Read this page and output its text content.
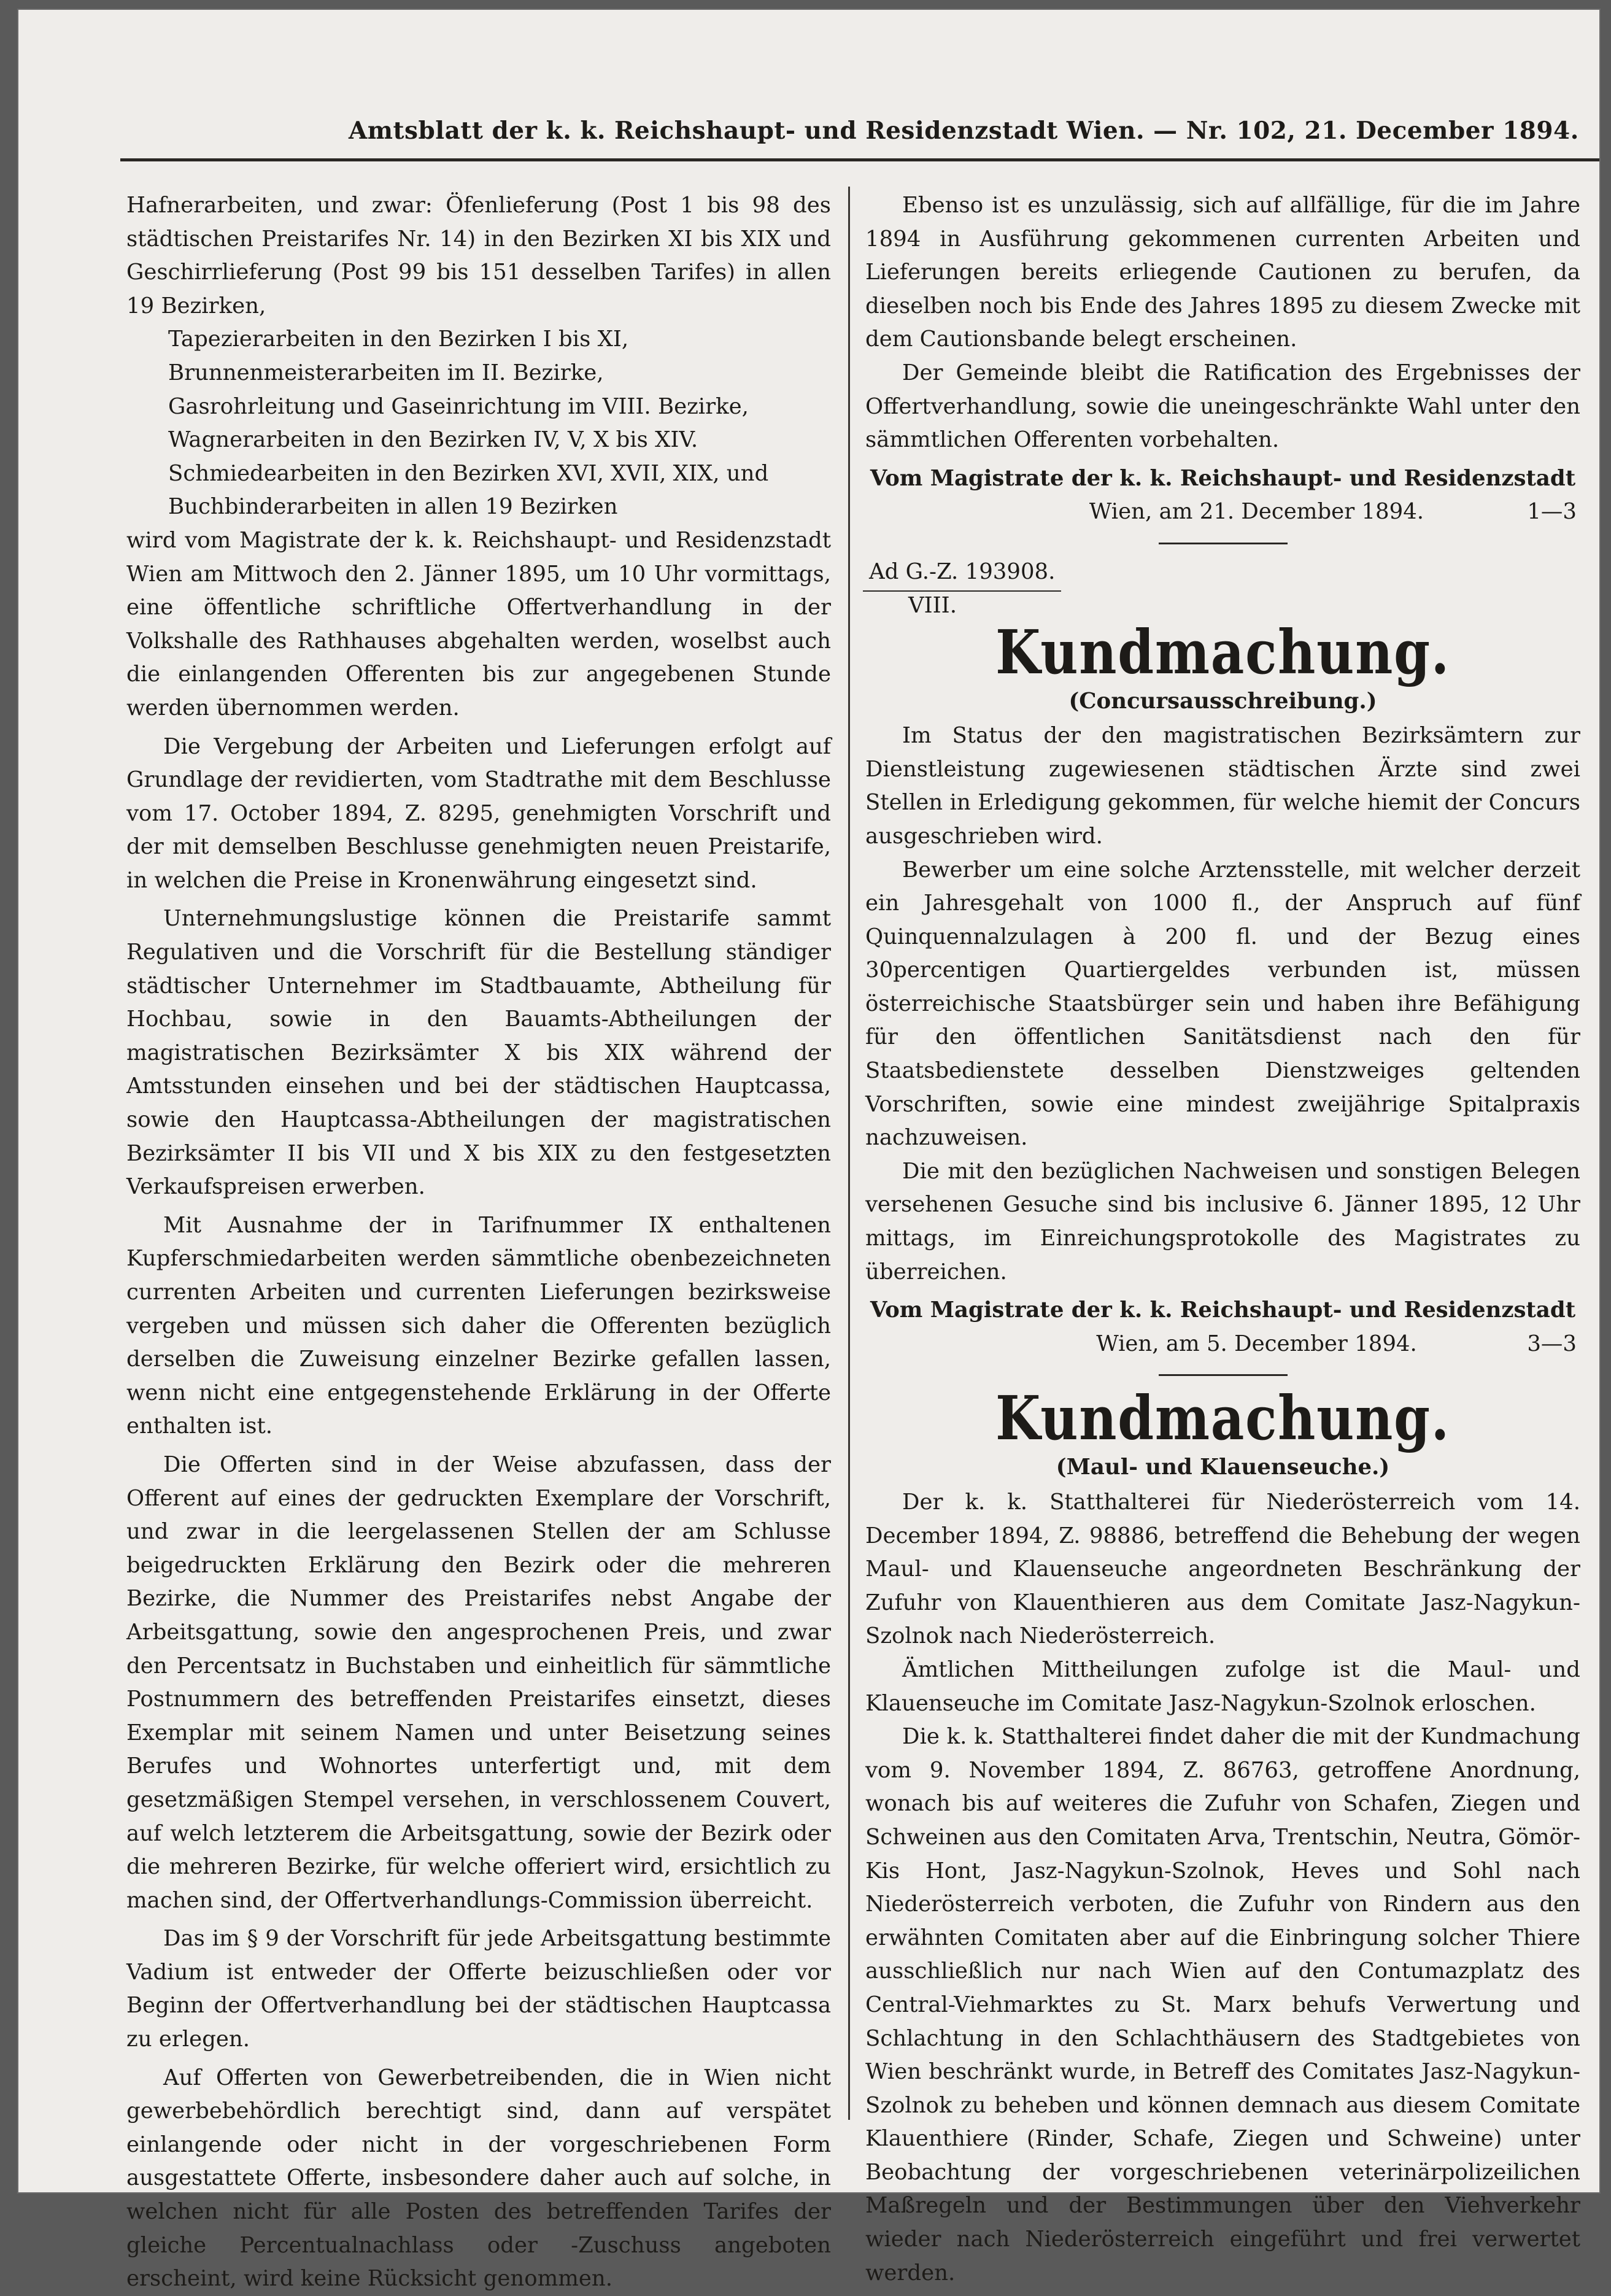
Amtsblatt der k. k. Reichshaupt- und Residenzstadt Wien. — Nr. 102, 21. December 1894.

Hafnerarbeiten, und zwar: Öfenlieferung (Post 1 bis 98 des städtischen Preistarifes Nr. 14) in den Bezirken XI bis XIX und Geschirrlieferung (Post 99 bis 151 desselben Tarifes) in allen 19 Bezirken,

Tapezierarbeiten in den Bezirken I bis XI,

Brunnenmeisterarbeiten im II. Bezirke,

Gasrohrleitung und Gaseinrichtung im VIII. Bezirke,

Wagnerarbeiten in den Bezirken IV, V, X bis XIV.

Schmiedearbeiten in den Bezirken XVI, XVII, XIX, und

Buchbinderarbeiten in allen 19 Bezirken

wird vom Magistrate der k. k. Reichshaupt- und Residenzstadt Wien am Mittwoch den 2. Jänner 1895, um 10 Uhr vormittags, eine öffentliche schriftliche Offertverhandlung in der Volkshalle des Rathhauses abgehalten werden, woselbst auch die einlangenden Offerenten bis zur angegebenen Stunde werden übernommen werden.

Die Vergebung der Arbeiten und Lieferungen erfolgt auf Grundlage der revidierten, vom Stadtrathe mit dem Beschlusse vom 17. October 1894, Z. 8295, genehmigten Vorschrift und der mit demselben Beschlusse genehmigten neuen Preistarife, in welchen die Preise in Kronenwährung eingesetzt sind.

Unternehmungslustige können die Preistarife sammt Regulativen und die Vorschrift für die Bestellung ständiger städtischer Unternehmer im Stadtbauamte, Abtheilung für Hochbau, sowie in den Bauamts-Abtheilungen der magistratischen Bezirksämter X bis XIX während der Amtsstunden einsehen und bei der städtischen Hauptcassa, sowie den Hauptcassa-Abtheilungen der magistratischen Bezirksämter II bis VII und X bis XIX zu den festgesetzten Verkaufspreisen erwerben.

Mit Ausnahme der in Tarifnummer IX enthaltenen Kupferschmiedarbeiten werden sämmtliche obenbezeichneten currenten Arbeiten und currenten Lieferungen bezirksweise vergeben und müssen sich daher die Offerenten bezüglich derselben die Zuweisung einzelner Bezirke gefallen lassen, wenn nicht eine entgegenstehende Erklärung in der Offerte enthalten ist.

Die Offerten sind in der Weise abzufassen, dass der Offerent auf eines der gedruckten Exemplare der Vorschrift, und zwar in die leergelassenen Stellen der am Schlusse beigedruckten Erklärung den Bezirk oder die mehreren Bezirke, die Nummer des Preistarifes nebst Angabe der Arbeitsgattung, sowie den angesprochenen Preis, und zwar den Percentsatz in Buchstaben und einheitlich für sämmtliche Postnummern des betreffenden Preistarifes einsetzt, dieses Exemplar mit seinem Namen und unter Beisetzung seines Berufes und Wohnortes unterfertigt und, mit dem gesetzmäßigen Stempel versehen, in verschlossenem Couvert, auf welch letzterem die Arbeitsgattung, sowie der Bezirk oder die mehreren Bezirke, für welche offeriert wird, ersichtlich zu machen sind, der Offertverhandlungs-Commission überreicht.

Das im § 9 der Vorschrift für jede Arbeitsgattung bestimmte Vadium ist entweder der Offerte beizuschließen oder vor Beginn der Offertverhandlung bei der städtischen Hauptcassa zu erlegen.

Auf Offerten von Gewerbetreibenden, die in Wien nicht gewerbebehördlich berechtigt sind, dann auf verspätet einlangende oder nicht in der vorgeschriebenen Form ausgestattete Offerte, insbesondere daher auch auf solche, in welchen nicht für alle Posten des betreffenden Tarifes der gleiche Percentualnachlass oder -Zuschuss angeboten erscheint, wird keine Rücksicht genommen.

Ebenso ist es unzulässig, sich auf allfällige, für die im Jahre 1894 in Ausführung gekommenen currenten Arbeiten und Lieferungen bereits erliegende Cautionen zu berufen, da dieselben noch bis Ende des Jahres 1895 zu diesem Zwecke mit dem Cautionsbande belegt erscheinen.

Der Gemeinde bleibt die Ratification des Ergebnisses der Offertverhandlung, sowie die uneingeschränkte Wahl unter den sämmtlichen Offerenten vorbehalten.

Vom Magistrate der k. k. Reichshaupt- und Residenzstadt
Wien, am 21. December 1894.	1—3
Ad G.-Z. 193908.
VIII.
Kundmachung.
(Concursausschreibung.)

Im Status der den magistratischen Bezirksämtern zur Dienstleistung zugewiesenen städtischen Ärzte sind zwei Stellen in Erledigung gekommen, für welche hiemit der Concurs ausgeschrieben wird.

Bewerber um eine solche Arztensstelle, mit welcher derzeit ein Jahresgehalt von 1000 fl., der Anspruch auf fünf Quinquennalzulagen à 200 fl. und der Bezug eines 30percentigen Quartiergeldes verbunden ist, müssen österreichische Staatsbürger sein und haben ihre Befähigung für den öffentlichen Sanitätsdienst nach den für Staatsbedienstete desselben Dienstzweiges geltenden Vorschriften, sowie eine mindest zweijährige Spitalpraxis nachzuweisen.

Die mit den bezüglichen Nachweisen und sonstigen Belegen versehenen Gesuche sind bis inclusive 6. Jänner 1895, 12 Uhr mittags, im Einreichungsprotokolle des Magistrates zu überreichen.

Vom Magistrate der k. k. Reichshaupt- und Residenzstadt
Wien, am 5. December 1894.	3—3
Kundmachung.
(Maul- und Klauenseuche.)

Der k. k. Statthalterei für Niederösterreich vom 14. December 1894, Z. 98886, betreffend die Behebung der wegen Maul- und Klauenseuche angeordneten Beschränkung der Zufuhr von Klauenthieren aus dem Comitate Jasz-Nagykun-Szolnok nach Niederösterreich.

Ämtlichen Mittheilungen zufolge ist die Maul- und Klauenseuche im Comitate Jasz-Nagykun-Szolnok erloschen.

Die k. k. Statthalterei findet daher die mit der Kundmachung vom 9. November 1894, Z. 86763, getroffene Anordnung, wonach bis auf weiteres die Zufuhr von Schafen, Ziegen und Schweinen aus den Comitaten Arva, Trentschin, Neutra, Gömör-Kis Hont, Jasz-Nagykun-Szolnok, Heves und Sohl nach Niederösterreich verboten, die Zufuhr von Rindern aus den erwähnten Comitaten aber auf die Einbringung solcher Thiere ausschließlich nur nach Wien auf den Contumazplatz des Central-Viehmarktes zu St. Marx behufs Verwertung und Schlachtung in den Schlachthäusern des Stadtgebietes von Wien beschränkt wurde, in Betreff des Comitates Jasz-Nagykun-Szolnok zu beheben und können demnach aus diesem Comitate Klauenthiere (Rinder, Schafe, Ziegen und Schweine) unter Beobachtung der vorgeschriebenen veterinärpolizeilichen Maßregeln und der Bestimmungen über den Viehverkehr wieder nach Niederösterreich eingeführt und frei verwertet werden.
